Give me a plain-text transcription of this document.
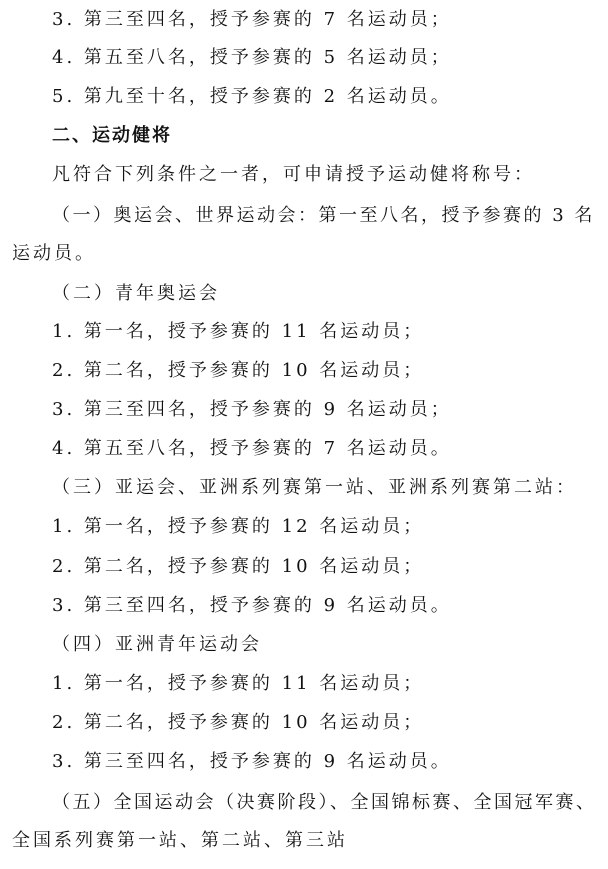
3. 第三至四名，授予参赛的 7 名运动员；
4. 第五至八名，授予参赛的 5 名运动员；
5. 第九至十名，授予参赛的 2 名运动员。
二、运动健将
凡符合下列条件之一者，可申请授予运动健将称号：
（一）奥运会、世界运动会：第一至八名，授予参赛的 3 名
运动员。
（二）青年奥运会
1. 第一名，授予参赛的 11 名运动员；
2. 第二名，授予参赛的 10 名运动员；
3. 第三至四名，授予参赛的 9 名运动员；
4. 第五至八名，授予参赛的 7 名运动员。
（三）亚运会、亚洲系列赛第一站、亚洲系列赛第二站：
1. 第一名，授予参赛的 12 名运动员；
2. 第二名，授予参赛的 10 名运动员；
3. 第三至四名，授予参赛的 9 名运动员。
（四）亚洲青年运动会
1. 第一名，授予参赛的 11 名运动员；
2. 第二名，授予参赛的 10 名运动员；
3. 第三至四名，授予参赛的 9 名运动员。
（五）全国运动会（决赛阶段）、全国锦标赛、全国冠军赛、
全国系列赛第一站、第二站、第三站
